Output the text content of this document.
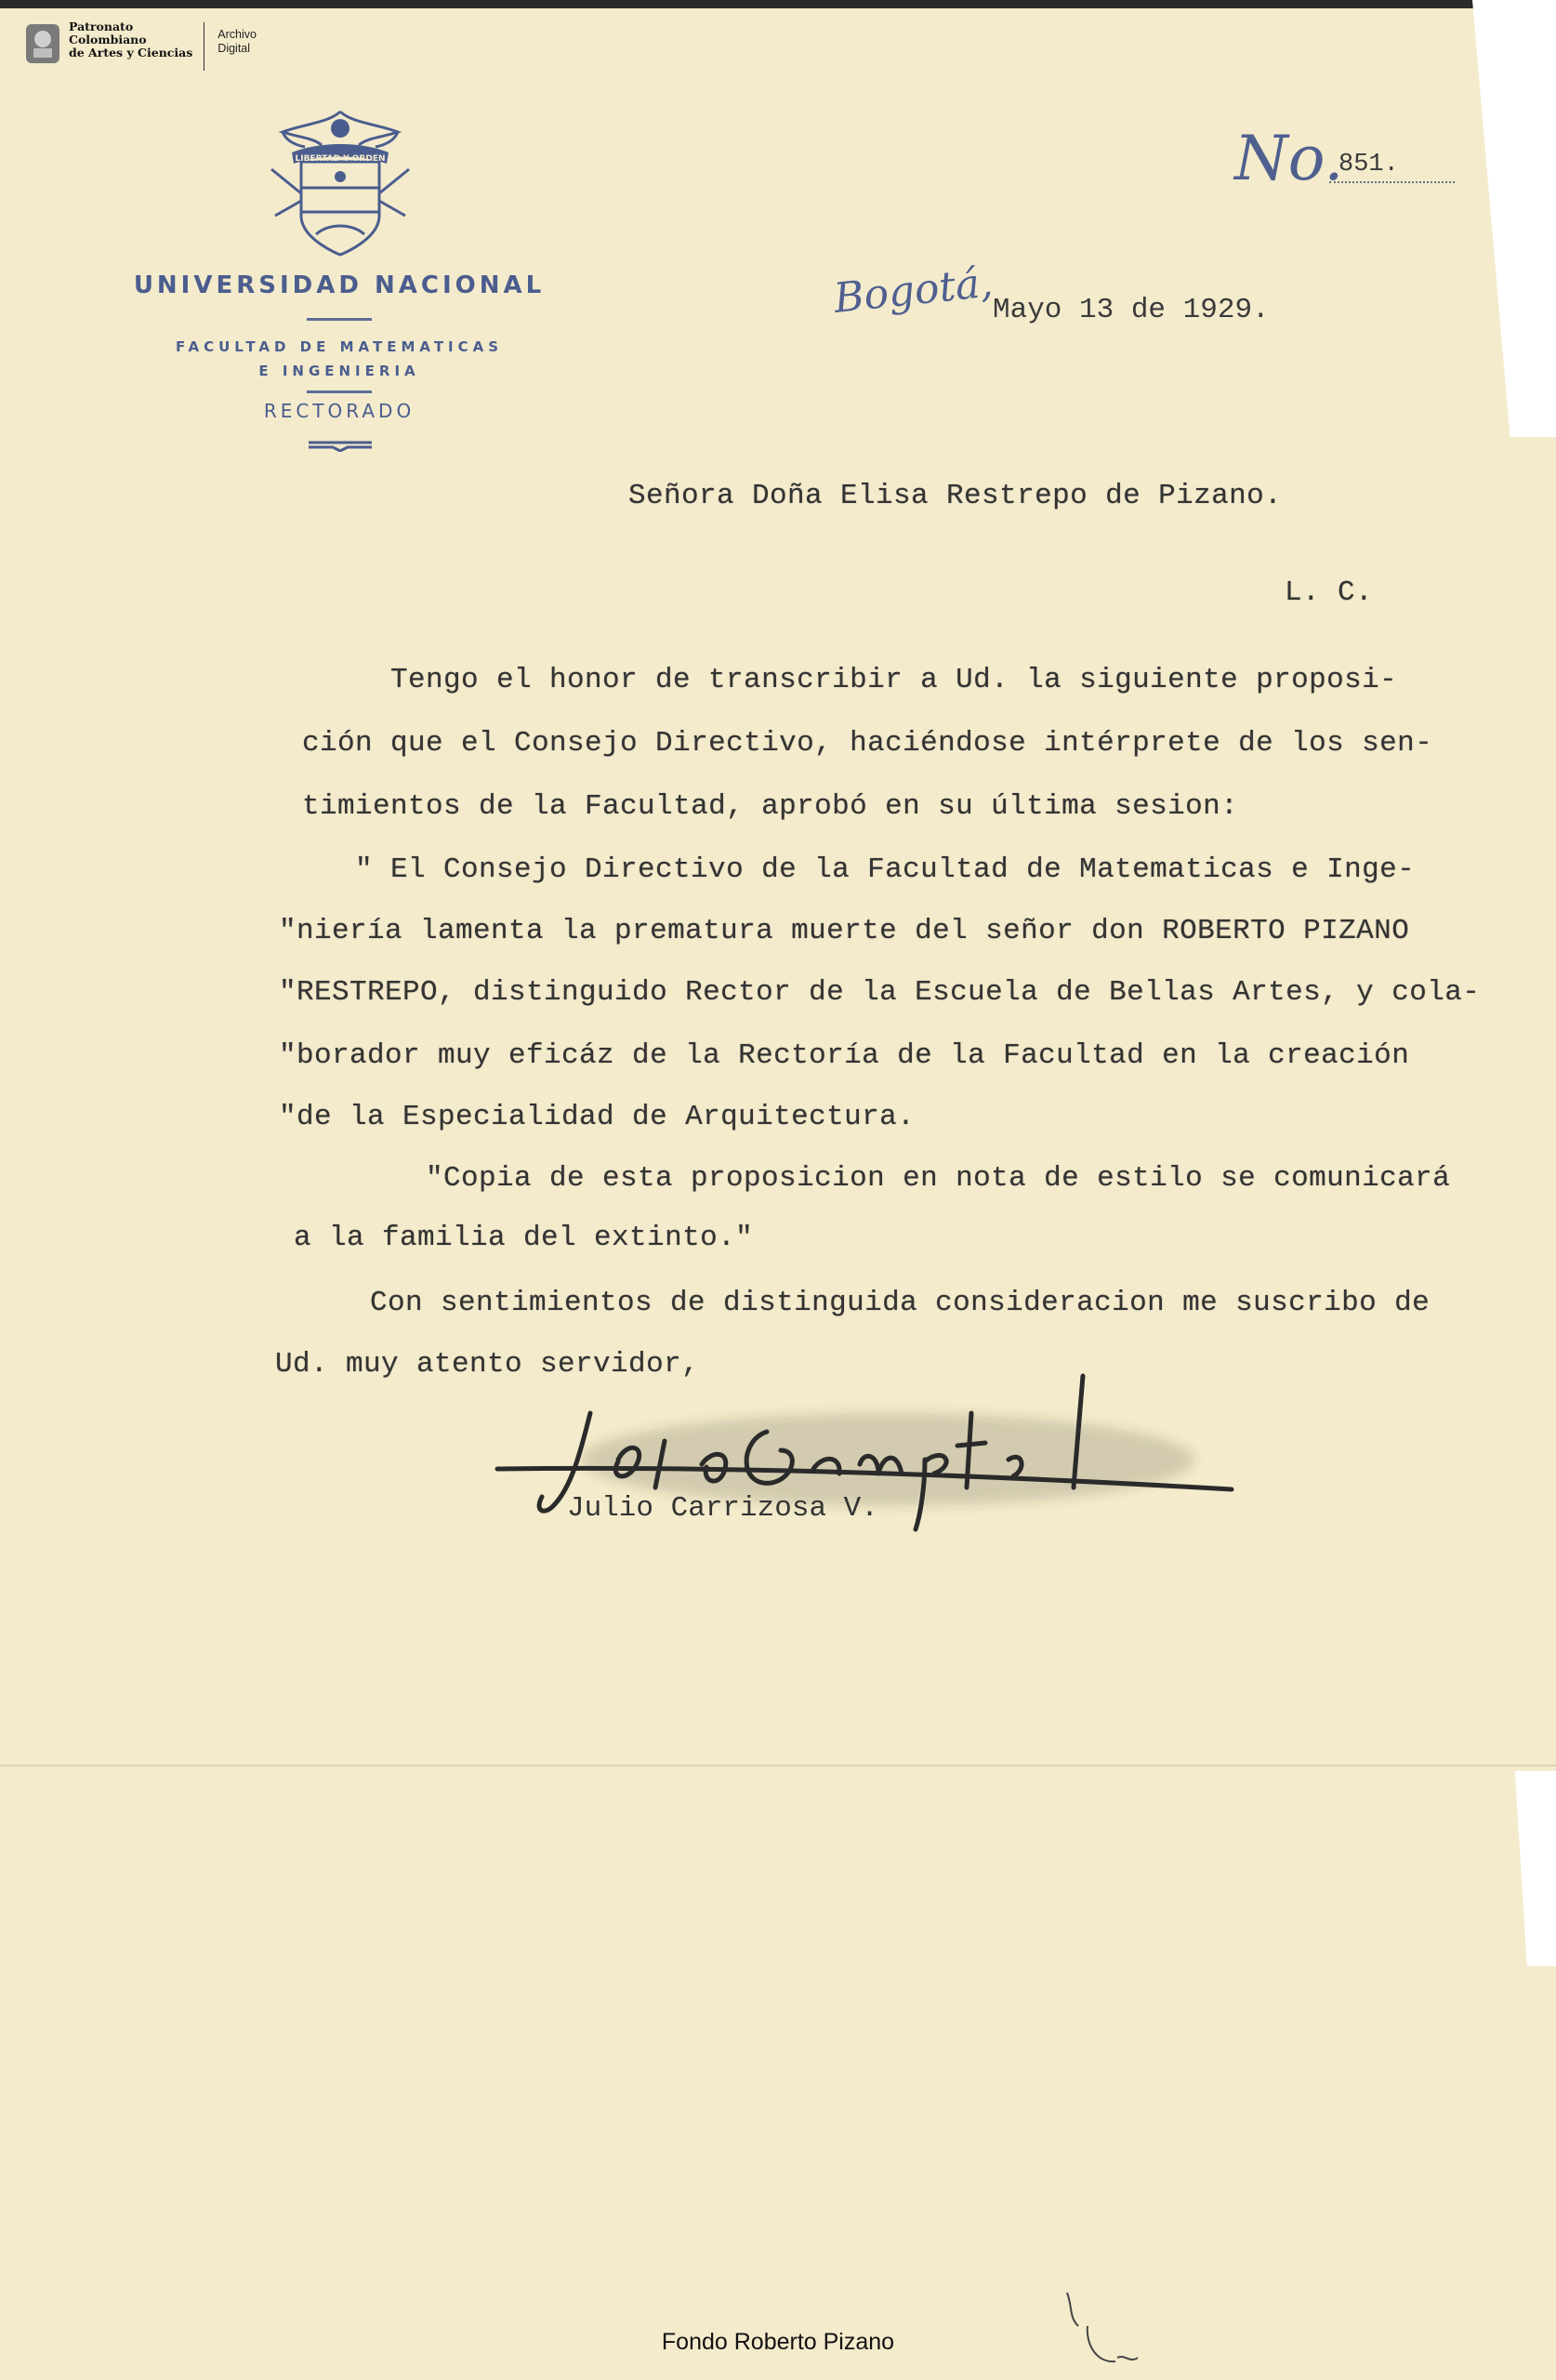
Patronato
Colombiano
de Artes y Ciencias
Archivo
Digital
LIBERTAD Y ORDEN
UNIVERSIDAD NACIONAL
FACULTAD DE MATEMATICAS
E INGENIERIA
RECTORADO
No.
851.
Bogotá,
Mayo 13 de 1929.
Señora Doña Elisa Restrepo de Pizano.
L. C.
Tengo el honor de transcribir a Ud. la siguiente proposi-
ción que el Consejo Directivo, haciéndose intérprete de los sen-
timientos de la Facultad, aprobó en su última sesion:
" El Consejo Directivo de la Facultad de Matematicas e Inge-
"niería lamenta la prematura muerte del señor don ROBERTO PIZANO
"RESTREPO, distinguido Rector de la Escuela de Bellas Artes, y cola-
"borador muy eficáz de la Rectoría de la Facultad en la creación
"de la Especialidad de Arquitectura.
"Copia de esta proposicion en nota de estilo se comunicará
a la familia del extinto."
Con sentimientos de distinguida consideracion me suscribo de
Ud. muy atento servidor,
Julio Carrizosa V.
Fondo Roberto Pizano
